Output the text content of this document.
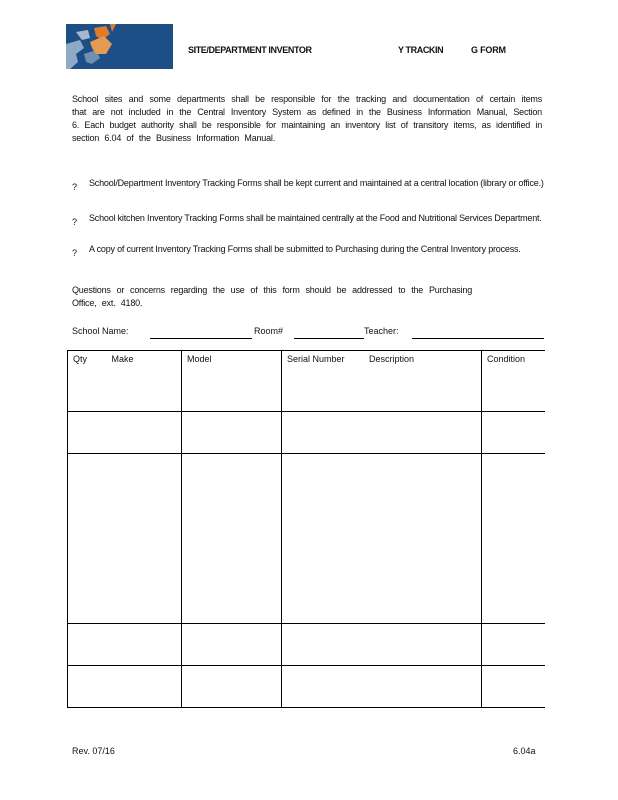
SITE/DEPARTMENT INVENTOR	Y TRACKIN	G FORM
School sites and some departments shall be responsible for the tracking and documentation of certain items that are not included in the Central Inventory System as defined in the Business Information Manual, Section 6. Each budget authority shall be responsible for maintaining an inventory list of transitory items, as identified in section 6.04 of the Business Information Manual.
? School/Department Inventory Tracking Forms shall be kept current and maintained at a central location (library or office.)
? School kitchen Inventory Tracking Forms shall be maintained centrally at the Food and Nutritional Services Department.
? A copy of current Inventory Tracking Forms shall be submitted to Purchasing during the Central Inventory process.
Questions or concerns regarding the use of this form should be addressed to the Purchasing Office, ext. 4180.
School Name:	Room#	Teacher:
Qty Make	Model	Serial Number Description	Condition

Rev. 07/16	6.04a
